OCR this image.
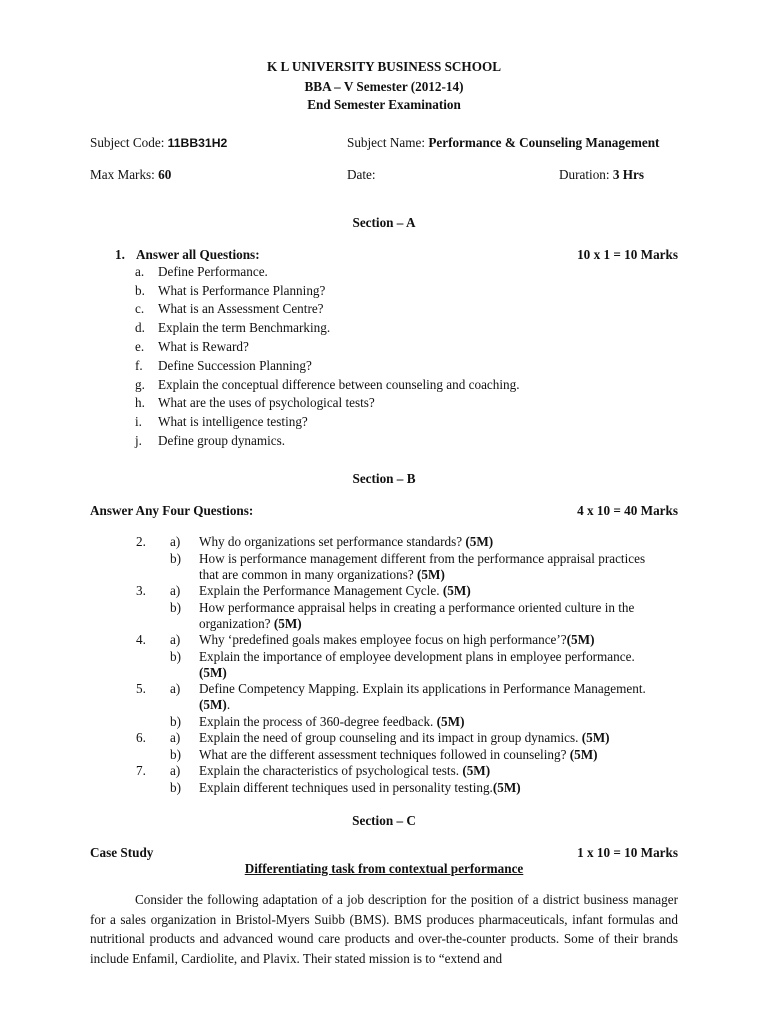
K L UNIVERSITY BUSINESS SCHOOL
BBA – V Semester (2012-14)
End Semester Examination
Subject Code: 11BB31H2	Subject Name: Performance & Counseling Management
Max Marks: 60	Date:	Duration: 3 Hrs
Section – A
1. Answer all Questions:	10 x 1 = 10 Marks
a. Define Performance.
b. What is Performance Planning?
c. What is an Assessment Centre?
d. Explain the term Benchmarking.
e. What is Reward?
f. Define Succession Planning?
g. Explain the conceptual difference between counseling and coaching.
h. What are the uses of psychological tests?
i. What is intelligence testing?
j. Define group dynamics.
Section – B
Answer Any Four Questions:	4 x 10 = 40 Marks
2. a) Why do organizations set performance standards? (5M)
b) How is performance management different from the performance appraisal practices
that are common in many organizations? (5M)
3. a) Explain the Performance Management Cycle. (5M)
b) How performance appraisal helps in creating a performance oriented culture in the
organization? (5M)
4. a) Why ‘predefined goals makes employee focus on high performance’?(5M)
b) Explain the importance of employee development plans in employee performance.
(5M)
5. a) Define Competency Mapping. Explain its applications in Performance Management.
(5M).
b) Explain the process of 360-degree feedback. (5M)
6. a) Explain the need of group counseling and its impact in group dynamics. (5M)
b) What are the different assessment techniques followed in counseling? (5M)
7. a) Explain the characteristics of psychological tests. (5M)
b) Explain different techniques used in personality testing.(5M)
Section – C
Case Study	1 x 10 = 10 Marks
Differentiating task from contextual performance
Consider the following adaptation of a job description for the position of a district business manager for a sales organization in Bristol-Myers Suibb (BMS). BMS produces pharmaceuticals, infant formulas and nutritional products and advanced wound care products and over-the-counter products. Some of their brands include Enfamil, Cardiolite, and Plavix. Their stated mission is to “extend and
